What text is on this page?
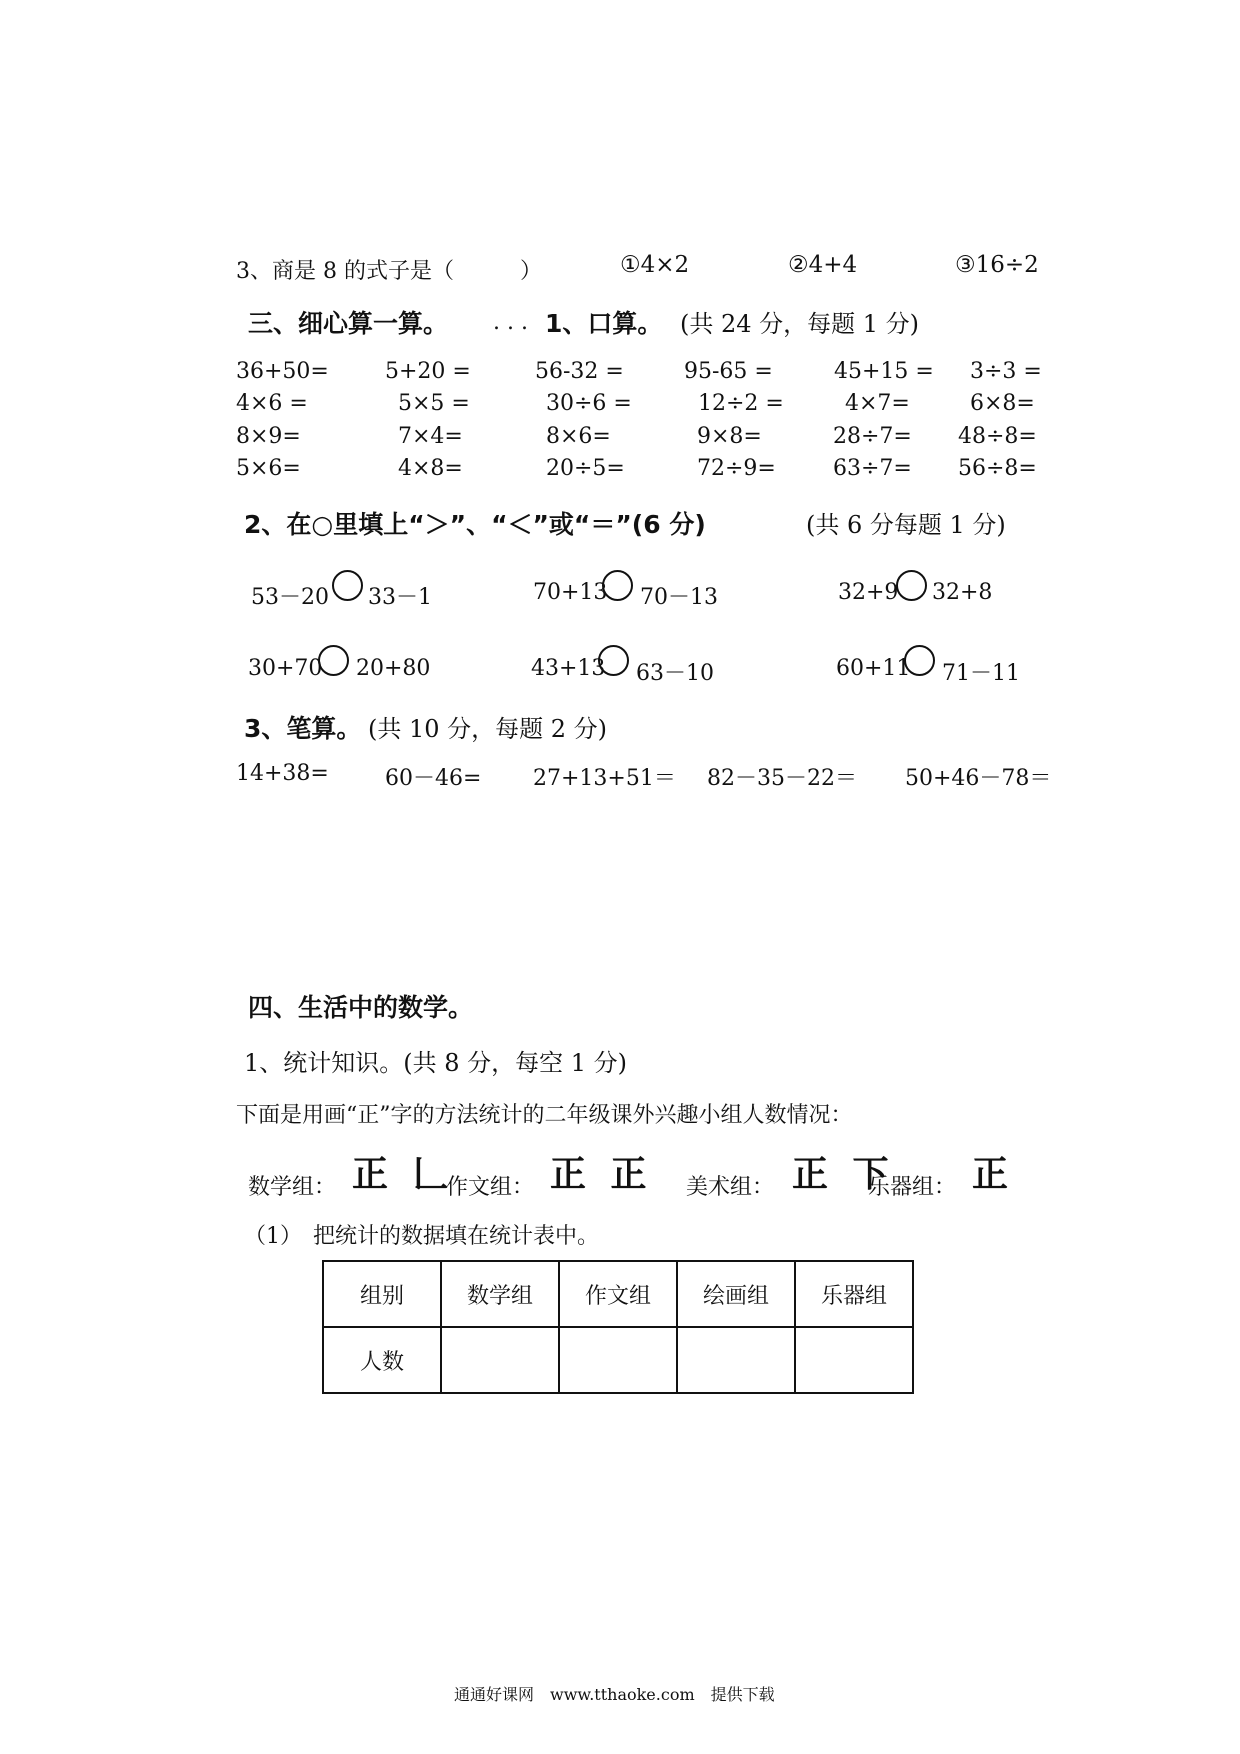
3、商是 8 的式子是（　　　）	①4×2	②4+4	③16÷2
三、细心算一算。 . . . 1、口算。 (共 24 分，每题 1 分)
36+50=	5+20 =	56-32 =	95-65 =	45+15 = 3÷3 =
4×6 =	5×5 =	30÷6 =	12÷2 =	4×7=	6×8=
8×9=	7×4=	8×6=	9×8=	28÷7= 48÷8=
5×6=	4×8=	20÷5=	72÷9=	63÷7= 56÷8=
2、在○里填上“＞”、“＜”或“＝”(6 分)	(共 6 分每题 1 分)
53－20 33－1	70+13 70－13	32+9 32+8
30+70 20+80	43+13 63－10	60+11 71－11
3、笔算。 (共 10 分，每题 2 分)
14+38=	60－46= 27+13+51＝ 82－35－22＝ 50+46－78＝
四、生活中的数学。
1、统计知识。(共 8 分，每空 1 分)
下面是用画“正”字的方法统计的二年级课外兴趣小组人数情况：
数学组： 正 𠃊
作文组： 正 正 美术组： 正 下
乐器组： 正
（1）　把统计的数据填在统计表中。
组别	数学组	作文组	绘画组	乐器组
人数				
通通好课网　www.tthaoke.com　提供下载
